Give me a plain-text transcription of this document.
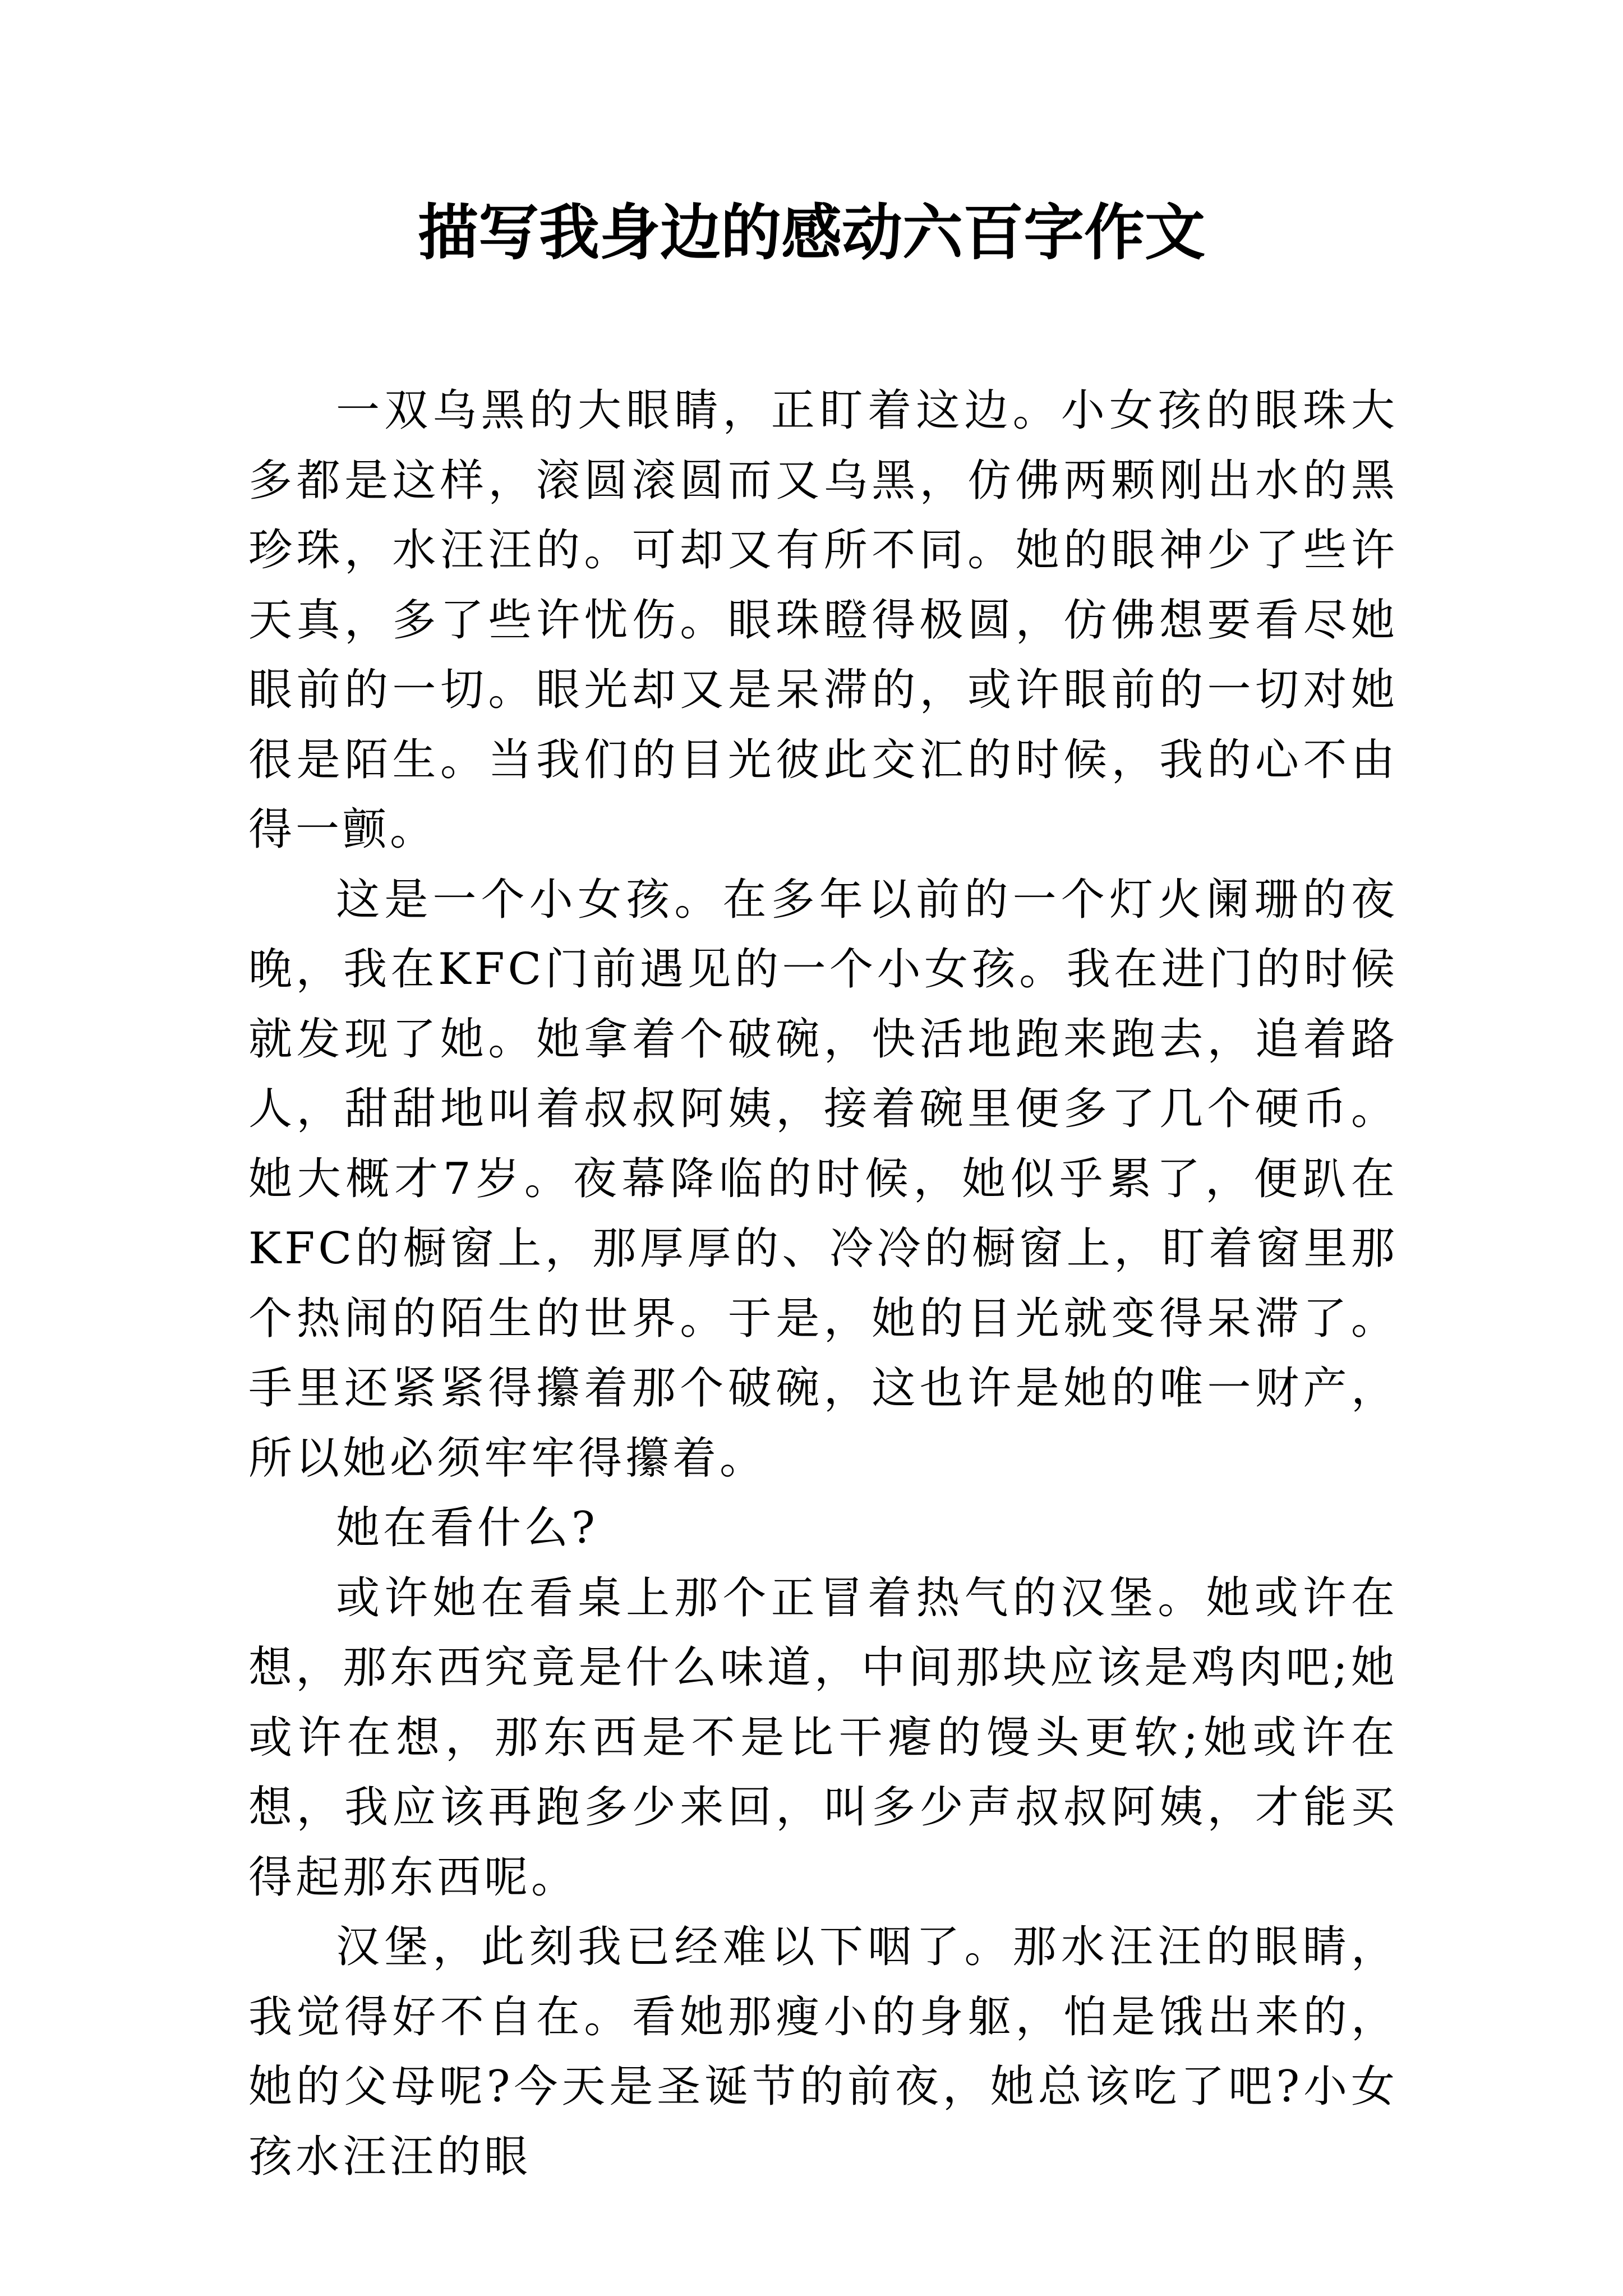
描写我身边的感动六百字作文

一双乌黑的大眼睛，正盯着这边。小女孩的眼珠大多都是这样，滚圆滚圆而又乌黑，仿佛两颗刚出水的黑珍珠，水汪汪的。可却又有所不同。她的眼神少了些许天真，多了些许忧伤。眼珠瞪得极圆，仿佛想要看尽她眼前的一切。眼光却又是呆滞的，或许眼前的一切对她很是陌生。当我们的目光彼此交汇的时候，我的心不由得一颤。

这是一个小女孩。在多年以前的一个灯火阑珊的夜晚，我在KFC门前遇见的一个小女孩。我在进门的时候就发现了她。她拿着个破碗，快活地跑来跑去，追着路人，甜甜地叫着叔叔阿姨，接着碗里便多了几个硬币。她大概才7岁。夜幕降临的时候，她似乎累了，便趴在KFC的橱窗上，那厚厚的、冷冷的橱窗上，盯着窗里那个热闹的陌生的世界。于是，她的目光就变得呆滞了。手里还紧紧得攥着那个破碗，这也许是她的唯一财产，所以她必须牢牢得攥着。

她在看什么?

或许她在看桌上那个正冒着热气的汉堡。她或许在想，那东西究竟是什么味道，中间那块应该是鸡肉吧;她或许在想，那东西是不是比干瘪的馒头更软;她或许在想，我应该再跑多少来回，叫多少声叔叔阿姨，才能买得起那东西呢。

汉堡，此刻我已经难以下咽了。那水汪汪的眼睛，我觉得好不自在。看她那瘦小的身躯，怕是饿出来的，她的父母呢?今天是圣诞节的前夜，她总该吃了吧?小女孩水汪汪的眼
